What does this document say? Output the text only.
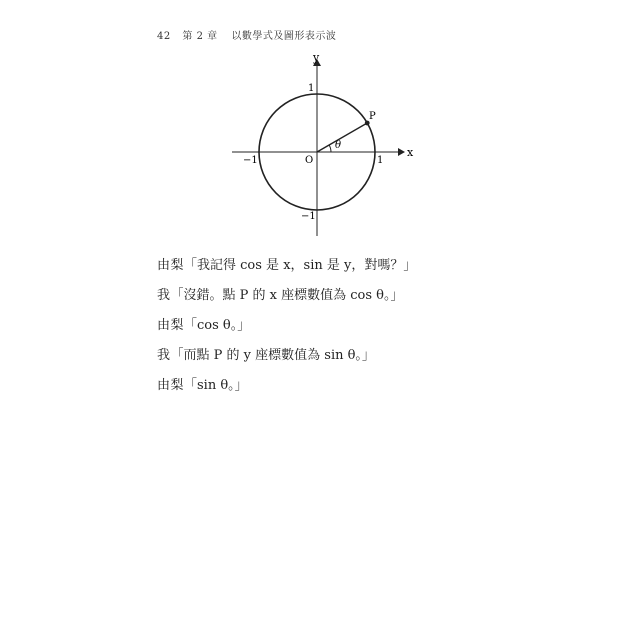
42 第 2 章 以數學式及圖形表示波
y
x
O	1
−1
1
−1
P
θ
由梨「我記得 cos 是 x，sin 是 y，對嗎？」
我「沒錯。點 P 的 x 座標數值為 cos θ。」
由梨「cos θ。」
我「而點 P 的 y 座標數值為 sin θ。」
由梨「sin θ。」
